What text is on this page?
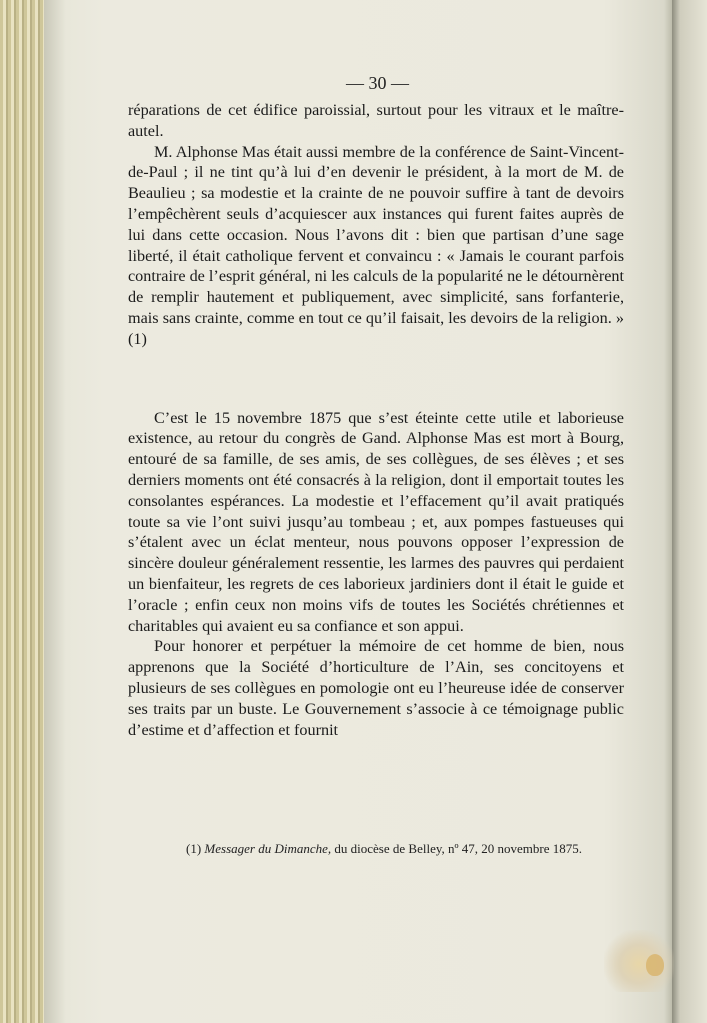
— 30 —

réparations de cet édifice paroissial, surtout pour les vitraux et le maître-autel.

M. Alphonse Mas était aussi membre de la conférence de Saint-Vincent-de-Paul ; il ne tint qu’à lui d’en devenir le président, à la mort de M. de Beaulieu ; sa modestie et la crainte de ne pouvoir suffire à tant de devoirs l’empêchèrent seuls d’acquiescer aux instances qui furent faites auprès de lui dans cette occasion. Nous l’avons dit : bien que partisan d’une sage liberté, il était catholique fervent et convaincu : « Jamais le courant parfois contraire de l’esprit général, ni les calculs de la popularité ne le détournèrent de remplir hautement et publiquement, avec simplicité, sans forfanterie, mais sans crainte, comme en tout ce qu’il faisait, les devoirs de la religion. » (1)

C’est le 15 novembre 1875 que s’est éteinte cette utile et laborieuse existence, au retour du congrès de Gand. Alphonse Mas est mort à Bourg, entouré de sa famille, de ses amis, de ses collègues, de ses élèves ; et ses derniers moments ont été consacrés à la religion, dont il emportait toutes les consolantes espérances. La modestie et l’effacement qu’il avait pratiqués toute sa vie l’ont suivi jusqu’au tombeau ; et, aux pompes fastueuses qui s’étalent avec un éclat menteur, nous pouvons opposer l’expression de sincère douleur généralement ressentie, les larmes des pauvres qui perdaient un bienfaiteur, les regrets de ces laborieux jardiniers dont il était le guide et l’oracle ; enfin ceux non moins vifs de toutes les Sociétés chrétiennes et charitables qui avaient eu sa confiance et son appui.

Pour honorer et perpétuer la mémoire de cet homme de bien, nous apprenons que la Société d’horticulture de l’Ain, ses concitoyens et plusieurs de ses collègues en pomologie ont eu l’heureuse idée de conserver ses traits par un buste. Le Gouvernement s’associe à ce témoignage public d’estime et d’affection et fournit

(1) Messager du Dimanche, du diocèse de Belley, nº 47, 20 novembre 1875.
